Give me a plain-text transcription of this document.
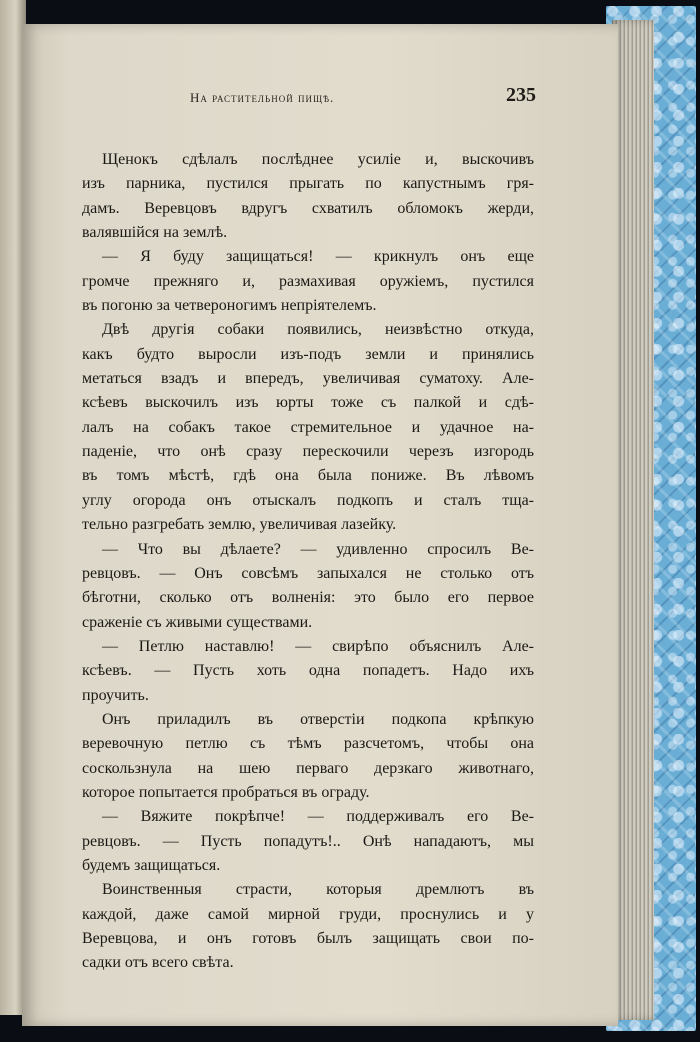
На растительной пищѣ.	235
Щенокъ сдѣлалъ послѣднее усиліе и, выскочивъ
изъ парника, пустился прыгать по капустнымъ гря-
дамъ. Веревцовъ вдругъ схватилъ обломокъ жерди,
валявшійся на землѣ.
— Я буду защищаться! — крикнулъ онъ еще
громче прежняго и, размахивая оружіемъ, пустился
въ погоню за четвероногимъ непріятелемъ.
Двѣ другія собаки появились, неизвѣстно откуда,
какъ будто выросли изъ-подъ земли и принялись
метаться взадъ и впередъ, увеличивая суматоху. Але-
ксѣевъ выскочилъ изъ юрты тоже съ палкой и сдѣ-
лалъ на собакъ такое стремительное и удачное на-
паденіе, что онѣ сразу перескочили черезъ изгородь
въ томъ мѣстѣ, гдѣ она была пониже. Въ лѣвомъ
углу огорода онъ отыскалъ подкопъ и сталъ тща-
тельно разгребать землю, увеличивая лазейку.
— Что вы дѣлаете? — удивленно спросилъ Ве-
ревцовъ. — Онъ совсѣмъ запыхался не столько отъ
бѣготни, сколько отъ волненія: это было его первое
сраженіе съ живыми существами.
— Петлю наставлю! — свирѣпо объяснилъ Але-
ксѣевъ. — Пусть хоть одна попадетъ. Надо ихъ
проучить.
Онъ приладилъ въ отверстіи подкопа крѣпкую
веревочную петлю съ тѣмъ разсчетомъ, чтобы она
соскользнула на шею перваго дерзкаго животнаго,
которое попытается пробраться въ ограду.
— Вяжите покрѣпче! — поддерживалъ его Ве-
ревцовъ. — Пусть попадутъ!.. Онѣ нападаютъ, мы
будемъ защищаться.
Воинственныя страсти, которыя дремлютъ въ
каждой, даже самой мирной груди, проснулись и у
Веревцова, и онъ готовъ былъ защищать свои по-
садки отъ всего свѣта.
